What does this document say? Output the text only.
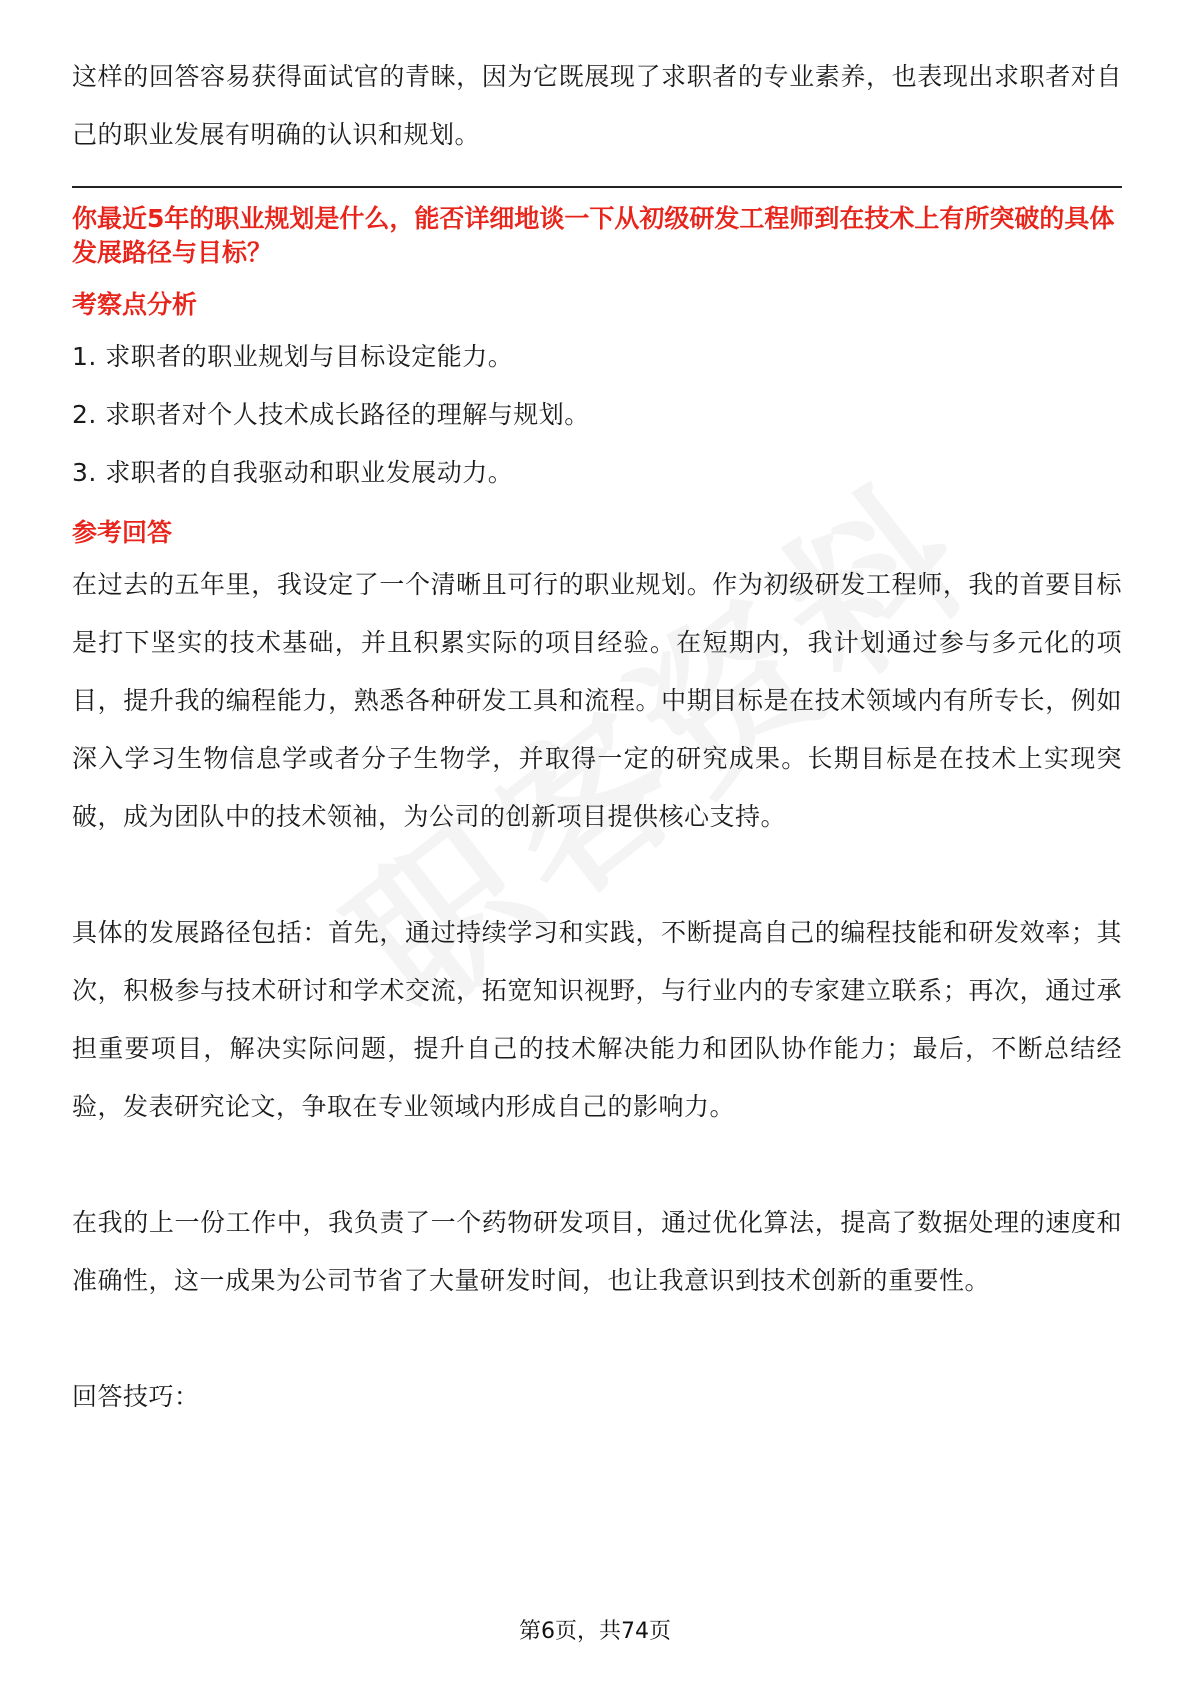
这样的回答容易获得面试官的青睐，因为它既展现了求职者的专业素养，也表现出求职者对自己的职业发展有明确的认识和规划。

你最近5年的职业规划是什么，能否详细地谈一下从初级研发工程师到在技术上有所突破的具体发展路径与目标？

考察点分析

1. 求职者的职业规划与目标设定能力。
2. 求职者对个人技术成长路径的理解与规划。
3. 求职者的自我驱动和职业发展动力。

参考回答

在过去的五年里，我设定了一个清晰且可行的职业规划。作为初级研发工程师，我的首要目标是打下坚实的技术基础，并且积累实际的项目经验。在短期内，我计划通过参与多元化的项目，提升我的编程能力，熟悉各种研发工具和流程。中期目标是在技术领域内有所专长，例如深入学习生物信息学或者分子生物学，并取得一定的研究成果。长期目标是在技术上实现突破，成为团队中的技术领袖，为公司的创新项目提供核心支持。

具体的发展路径包括：首先，通过持续学习和实践，不断提高自己的编程技能和研发效率；其次，积极参与技术研讨和学术交流，拓宽知识视野，与行业内的专家建立联系；再次，通过承担重要项目，解决实际问题，提升自己的技术解决能力和团队协作能力；最后，不断总结经验，发表研究论文，争取在专业领域内形成自己的影响力。

在我的上一份工作中，我负责了一个药物研发项目，通过优化算法，提高了数据处理的速度和准确性，这一成果为公司节省了大量研发时间，也让我意识到技术创新的重要性。

回答技巧：

第6页，共74页
